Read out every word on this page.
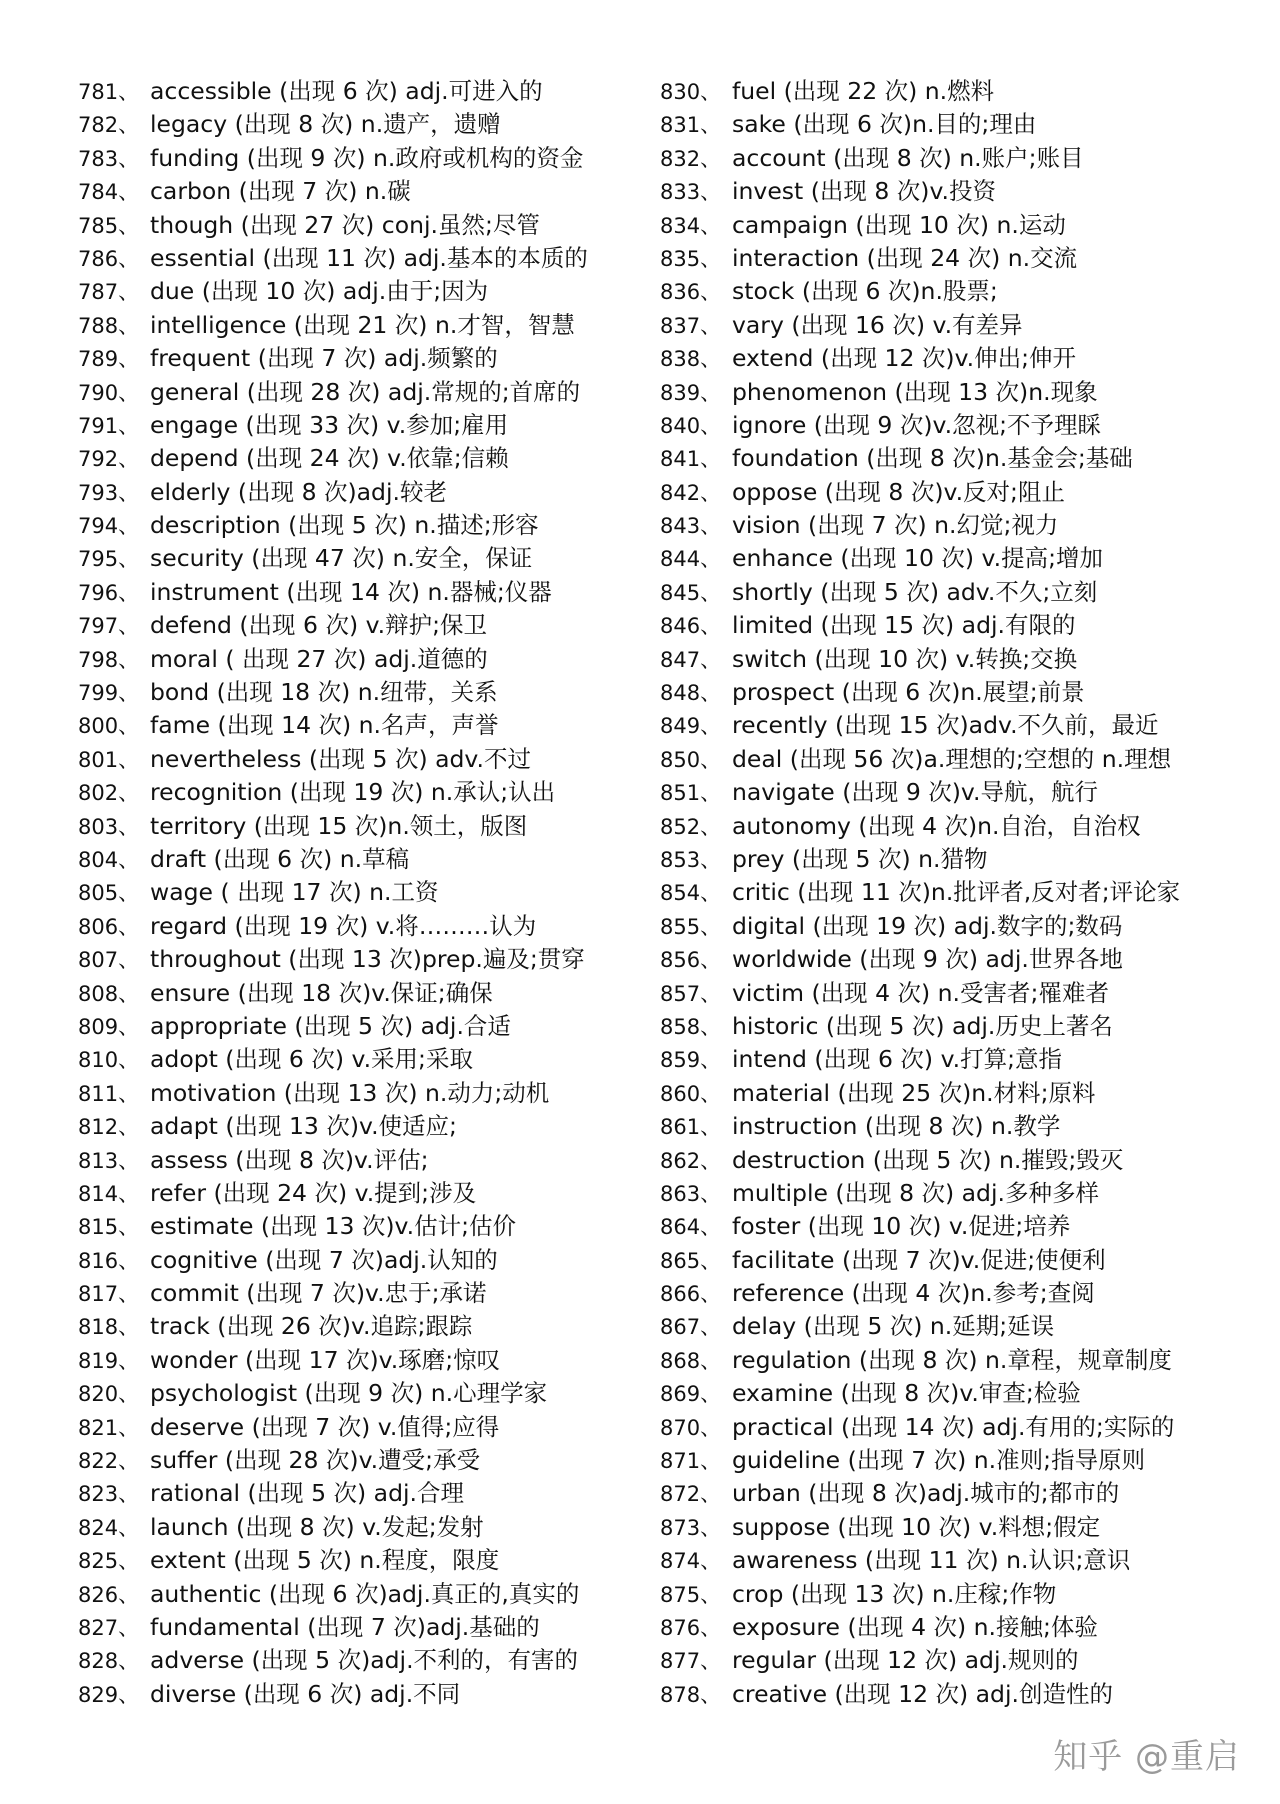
781、 accessible (出现 6 次) adj.可进入的
782、 legacy (出现 8 次) n.遗产，遗赠
783、 funding (出现 9 次) n.政府或机构的资金
784、 carbon (出现 7 次) n.碳
785、 though (出现 27 次) conj.虽然;尽管
786、 essential (出现 11 次) adj.基本的本质的
787、 due (出现 10 次) adj.由于;因为
788、 intelligence (出现 21 次) n.才智，智慧
789、 frequent (出现 7 次) adj.频繁的
790、 general (出现 28 次) adj.常规的;首席的
791、 engage (出现 33 次) v.参加;雇用
792、 depend (出现 24 次) v.依靠;信赖
793、 elderly (出现 8 次)adj.较老
794、 description (出现 5 次) n.描述;形容
795、 security (出现 47 次) n.安全，保证
796、 instrument (出现 14 次) n.器械;仪器
797、 defend (出现 6 次) v.辩护;保卫
798、 moral ( 出现 27 次) adj.道德的
799、 bond (出现 18 次) n.纽带，关系
800、 fame (出现 14 次) n.名声，声誉
801、 nevertheless (出现 5 次) adv.不过
802、 recognition (出现 19 次) n.承认;认出
803、 territory (出现 15 次)n.领土，版图
804、 draft (出现 6 次) n.草稿
805、 wage ( 出现 17 次) n.工资
806、 regard (出现 19 次) v.将………认为
807、 throughout (出现 13 次)prep.遍及;贯穿
808、 ensure (出现 18 次)v.保证;确保
809、 appropriate (出现 5 次) adj.合适
810、 adopt (出现 6 次) v.采用;采取
811、 motivation (出现 13 次) n.动力;动机
812、 adapt (出现 13 次)v.使适应;
813、 assess (出现 8 次)v.评估;
814、 refer (出现 24 次) v.提到;涉及
815、 estimate (出现 13 次)v.估计;估价
816、 cognitive (出现 7 次)adj.认知的
817、 commit (出现 7 次)v.忠于;承诺
818、 track (出现 26 次)v.追踪;跟踪
819、 wonder (出现 17 次)v.琢磨;惊叹
820、 psychologist (出现 9 次) n.心理学家
821、 deserve (出现 7 次) v.值得;应得
822、 suffer (出现 28 次)v.遭受;承受
823、 rational (出现 5 次) adj.合理
824、 launch (出现 8 次) v.发起;发射
825、 extent (出现 5 次) n.程度，限度
826、 authentic (出现 6 次)adj.真正的,真实的
827、 fundamental (出现 7 次)adj.基础的
828、 adverse (出现 5 次)adj.不利的，有害的
829、 diverse (出现 6 次) adj.不同
830、 fuel (出现 22 次) n.燃料
831、 sake (出现 6 次)n.目的;理由
832、 account (出现 8 次) n.账户;账目
833、 invest (出现 8 次)v.投资
834、 campaign (出现 10 次) n.运动
835、 interaction (出现 24 次) n.交流
836、 stock (出现 6 次)n.股票;
837、 vary (出现 16 次) v.有差异
838、 extend (出现 12 次)v.伸出;伸开
839、 phenomenon (出现 13 次)n.现象
840、 ignore (出现 9 次)v.忽视;不予理睬
841、 foundation (出现 8 次)n.基金会;基础
842、 oppose (出现 8 次)v.反对;阻止
843、 vision (出现 7 次) n.幻觉;视力
844、 enhance (出现 10 次) v.提高;增加
845、 shortly (出现 5 次) adv.不久;立刻
846、 limited (出现 15 次) adj.有限的
847、 switch (出现 10 次) v.转换;交换
848、 prospect (出现 6 次)n.展望;前景
849、 recently (出现 15 次)adv.不久前，最近
850、 deal (出现 56 次)a.理想的;空想的 n.理想
851、 navigate (出现 9 次)v.导航，航行
852、 autonomy (出现 4 次)n.自治，自治权
853、 prey (出现 5 次) n.猎物
854、 critic (出现 11 次)n.批评者,反对者;评论家
855、 digital (出现 19 次) adj.数字的;数码
856、 worldwide (出现 9 次) adj.世界各地
857、 victim (出现 4 次) n.受害者;罹难者
858、 historic (出现 5 次) adj.历史上著名
859、 intend (出现 6 次) v.打算;意指
860、 material (出现 25 次)n.材料;原料
861、 instruction (出现 8 次) n.教学
862、 destruction (出现 5 次) n.摧毁;毁灭
863、 multiple (出现 8 次) adj.多种多样
864、 foster (出现 10 次) v.促进;培养
865、 facilitate (出现 7 次)v.促进;使便利
866、 reference (出现 4 次)n.参考;查阅
867、 delay (出现 5 次) n.延期;延误
868、 regulation (出现 8 次) n.章程，规章制度
869、 examine (出现 8 次)v.审查;检验
870、 practical (出现 14 次) adj.有用的;实际的
871、 guideline (出现 7 次) n.准则;指导原则
872、 urban (出现 8 次)adj.城市的;都市的
873、 suppose (出现 10 次) v.料想;假定
874、 awareness (出现 11 次) n.认识;意识
875、 crop (出现 13 次) n.庄稼;作物
876、 exposure (出现 4 次) n.接触;体验
877、 regular (出现 12 次) adj.规则的
878、 creative (出现 12 次) adj.创造性的
知乎 @重启
